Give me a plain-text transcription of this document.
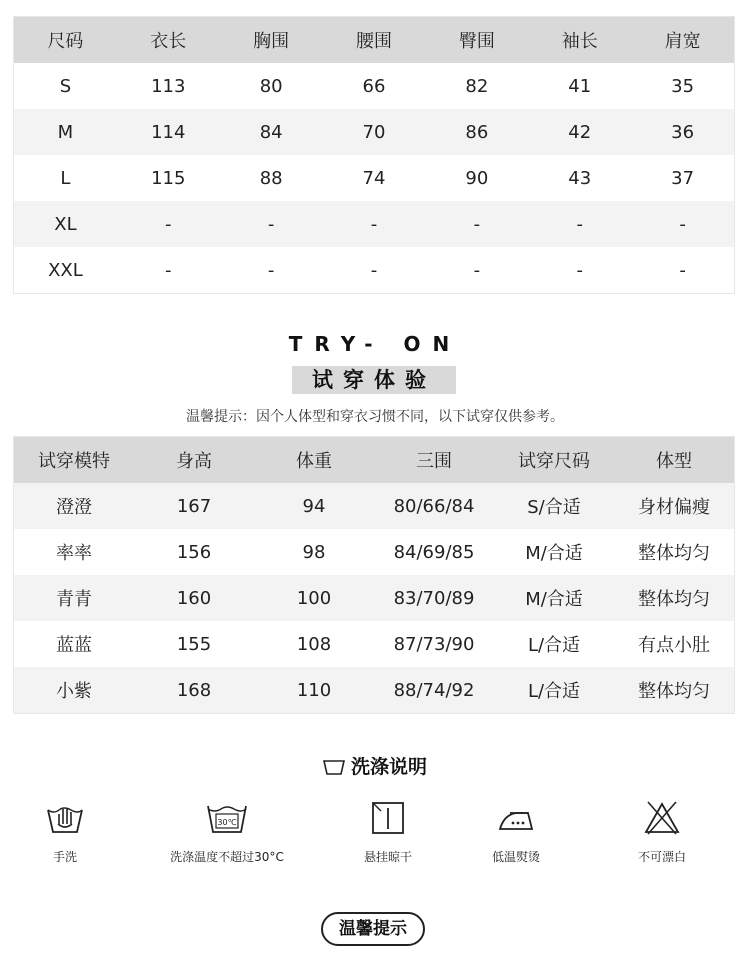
尺码	衣长	胸围	腰围	臀围	袖长	肩宽
S	113	80	66	82	41	35
M	114	84	70	86	42	36
L	115	88	74	90	43	37
XL	-	-	-	-	-	-
XXL	-	-	-	-	-	-
TRY- ON
试穿体验
温馨提示：因个人体型和穿衣习惯不同，以下试穿仅供参考。
试穿模特	身高	体重	三围	试穿尺码	体型
澄澄	167	94	80/66/84	S/合适	身材偏瘦
率率	156	98	84/69/85	M/合适	整体均匀
青青	160	100	83/70/89	M/合适	整体均匀
蓝蓝	155	108	87/73/90	L/合适	有点小肚
小紫	168	110	88/74/92	L/合适	整体均匀
洗涤说明
手洗
30℃
洗涤温度不超过30°C	悬挂晾干	低温熨烫	不可漂白
温馨提示
